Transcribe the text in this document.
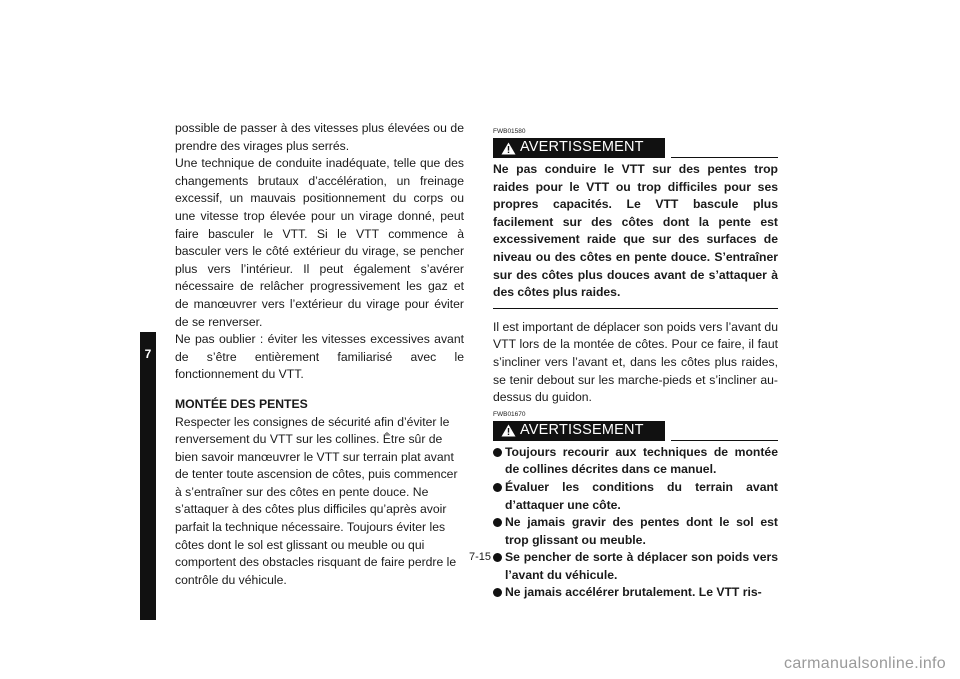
7

possible de passer à des vitesses plus élevées ou de prendre des virages plus serrés.

Une technique de conduite inadéquate, telle que des changements brutaux d’accélération, un freinage excessif, un mauvais positionnement du corps ou une vitesse trop élevée pour un virage donné, peut faire basculer le VTT. Si le VTT commence à basculer vers le côté extérieur du virage, se pencher plus vers l’intérieur. Il peut également s’avérer nécessaire de relâcher progressivement les gaz et de manœuvrer vers l’extérieur du virage pour éviter de se renverser.

Ne pas oublier : éviter les vitesses excessives avant de s’être entièrement familiarisé avec le fonctionnement du VTT.

MONTÉE DES PENTES

Respecter les consignes de sécurité afin d’éviter le renversement du VTT sur les collines. Être sûr de bien savoir manœuvrer le VTT sur terrain plat avant de tenter toute ascension de côtes, puis commencer à s’entraîner sur des côtes en pente douce. Ne s’attaquer à des côtes plus difficiles qu’après avoir parfait la technique nécessaire. Toujours éviter les côtes dont le sol est glissant ou meuble ou qui comportent des obstacles risquant de faire perdre le contrôle du véhicule.

FWB01580
AVERTISSEMENT

Ne pas conduire le VTT sur des pentes trop raides pour le VTT ou trop difficiles pour ses propres capacités. Le VTT bascule plus facilement sur des côtes dont la pente est excessivement raide que sur des surfaces de niveau ou des côtes en pente douce. S’entraîner sur des côtes plus douces avant de s’attaquer à des côtes plus raides.

Il est important de déplacer son poids vers l’avant du VTT lors de la montée de côtes. Pour ce faire, il faut s’incliner vers l’avant et, dans les côtes plus raides, se tenir debout sur les marche-pieds et s’incliner au-dessus du guidon.

FWB01670
AVERTISSEMENT
Toujours recourir aux techniques de montée de collines décrites dans ce manuel.
Évaluer les conditions du terrain avant d’attaquer une côte.
Ne jamais gravir des pentes dont le sol est trop glissant ou meuble.
Se pencher de sorte à déplacer son poids vers l’avant du véhicule.
Ne jamais accélérer brutalement. Le VTT ris-
7-15
carmanualsonline.info
